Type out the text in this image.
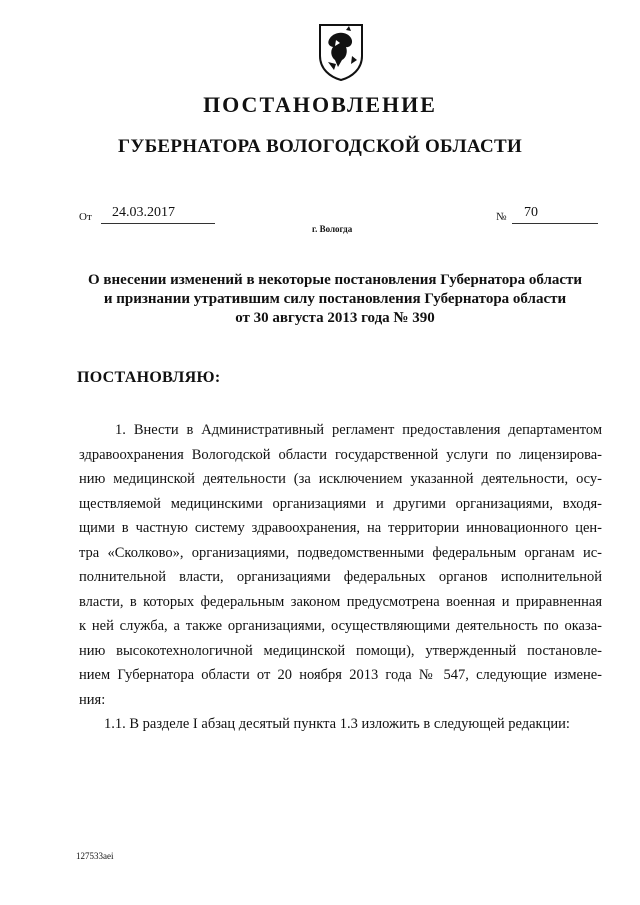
ПОСТАНОВЛЕНИЕ
ГУБЕРНАТОРА ВОЛОГОДСКОЙ ОБЛАСТИ
От 24.03.2017	№ 70
г. Вологда
О внесении изменений в некоторые постановления Губернатора области
и признании утратившим силу постановления Губернатора области
от 30 августа 2013 года № 390
ПОСТАНОВЛЯЮ:
1. Внести в Административный регламент предоставления департаментом
здравоохранения Вологодской области государственной услуги по лицензирова-
нию медицинской деятельности (за исключением указанной деятельности, осу-
ществляемой медицинскими организациями и другими организациями, входя-
щими в частную систему здравоохранения, на территории инновационного цен-
тра «Сколково», организациями, подведомственными федеральным органам ис-
полнительной власти, организациями федеральных органов исполнительной
власти, в которых федеральным законом предусмотрена военная и приравненная
к ней служба, а также организациями, осуществляющими деятельность по оказа-
нию высокотехнологичной медицинской помощи), утвержденный постановле-
нием Губернатора области от 20 ноября 2013 года № 547, следующие измене-
ния:
1.1. В разделе I абзац десятый пункта 1.3 изложить в следующей редакции:
127533аеі
